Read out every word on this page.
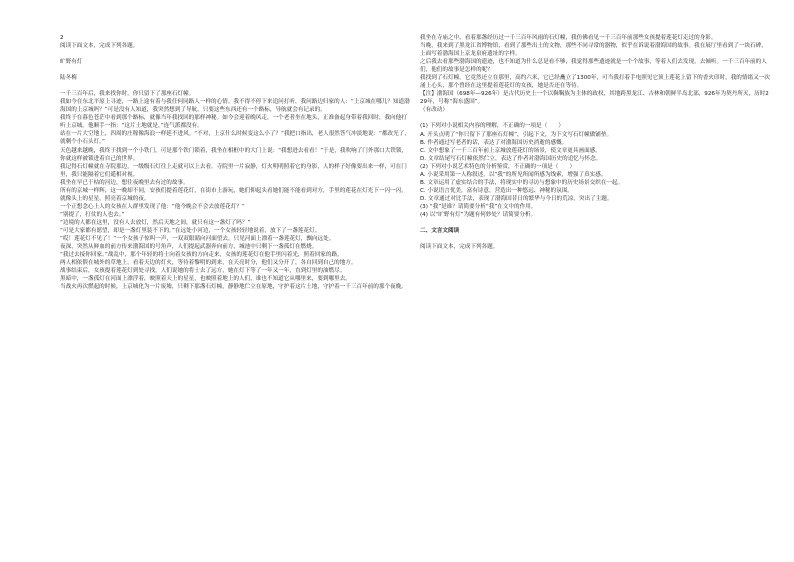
2

阅读下面文本，完成下列各题。

旷野有灯

陆冬梅

一千三百年后，我来找你时，你只留下了那座石灯幢。

我如今在东北平原上寻迹，一路上途有着与我任何同路人一样的心情。我不得不停下来追问打听，我问路边归家的人：“上京城在哪儿？知道渤海国的上京城吗？”可是没有人知道，我突然想到了导航，只要这些东西还有一个路标，导航就会有记录的。

我终于在暮色苍茫中看到那个路标，就像当年我找回的那样神秘。如今会迎着晚风走，一个老者坐在地头，正准备起身带着我回时，我向他打听上京城。他顺手一指：“这片土地就是。”连气派都没有。

站在一片大空地上，四周的庄稼像海浪一样延不进风。“不对，上京什么时候变这么小了？”我把口指出，老人很然答气冲淡地说：“都改光了，就剩个小石头灯。”

天色越来越晚，我终于找到一个小铁门，可是那个铁门锁着，我坐在相框中的大门上说：“我想进去看看！”于是，我吹响了门外那口大铁锁，你就这样被锁进着自己的世界。

我记得石灯幢就在寺院那边，一级级石灯往上走就可以上去看。寺院里一片寂静，灯火明明照着它的身影，人的样子好像要出来一样，可在门里，我只能隔着它们遥相对视。

我坐在早已干枯的河边，想往夜晚里去有过的故事。

所有的京城一样辉，这一晚却不同，安孩们提着莲花灯，在街市上游玩，她们仰起头看她们能不能看到对方，手里的莲花在灯光下一闪一闪，就像头上的星星，照亮着京城的夜。

一个正想念心上人的女孩在人群里发现了他：“他今晚会不会去放莲花灯？”

“别提了，打仗的人也去。”

“边境的人都在这里，没有人去放灯，然后天地之间，就只有这一盏灯了吗？”

“可是大家都有愿望，却是一盏灯里装不下的。”在远处小河边，一个女孩轻轻地说着，放下了一盏莲花灯。

“哎！莲花灯不见了！”一个女孩子惊叫一声，一双双眼睛向河面望去，只见河面上漂着一盏莲花灯，飘向远处。

夜深，突然从鲜血的前方传来渤海国的号角声，人们提起武器奔向前方，城池中只剩下一盏孤灯在燃烧。

“我过去接你回家。”战乱中，那个年轻的将士向着女孩的方向走来，女孩的莲花灯在他手里闪着光，照着回家的路。

两人相依偎在城外的草地上，看着天边的灯火，等待着黎明的到来，在天亮时分，他们又分开了，各自回到自己的地方。

战事结束后，女孩提着莲花灯到处寻找，人们说她的将士去了远方，她在灯下等了一年又一年，直到灯里的油燃尽。

黑暗中，一盏孤灯在河面上漂浮着，映照着天上的星星，也映照着地上的人们，谁也不知道它从哪里来，要到哪里去。

当战火再次燃起的时候，上京城化为一片废墟，只剩下那盏石灯幢，静静地伫立在原地，守护着这片土地，守护着一千三百年前的那个夜晚。

我坐在寺庙之中，看着那盏经历过一千三百年风雨的石灯幢，我仿佛看见一千三百年前那些女孩提着莲花灯走过的身影。

当晚，我来到了黑龙江省博物馆，看到了那些出土的文物，那些不同寻常的器物，似乎在诉说着渤海国的故事。我在展厅里看到了一块石碑，上面写着渤海国上京龙泉府遗址的字样。

之后我去看那些渤海国的遗迹，也不知道为什么总是看不够，我觉得那些遗迹就是一个个故事，等着人们去发现，去倾听。一千三百年前的人们，他们的故事是怎样的呢？

我找到了石灯幢，它竟然还立在那里，高约六米，它已经矗立了1300年，可当我打着手电照见它顶上莲花上留下的香火印时，我的情绪又一次涌上心头，那个曾经在这里提着莲花灯的女孩，她是否还在等待。

【注】渤海国（698年—926年）是古代历史上一个以靺鞨族为主体的政权，其地跨黑龙江、吉林和朝鲜半岛北部，926年为契丹所灭，历时229年，号称“海东盛国”。

（有改动）

(1) 下列对小说相关内容的理解，不正确的一项是（　　）

A. 开头点明了“你只留下了那座石灯幢”，引起下文，为下文写石灯幢做铺垫。

B. 作者通过写老者的话，表达了对渤海国历史消逝的感慨。

C. 文中想象了一千三百年前上京城放莲花灯的场景，使文章更具画面感。

D. 文章结尾写石灯幢依然伫立，表达了作者对渤海国历史的追忆与怀念。

(2) 下列对小说艺术特色的分析鉴赏，不正确的一项是（　　）

A. 小说采用第一人称叙述，以“我”的所见所闻所感为线索，增强了真实感。

B. 文章运用了虚实结合的手法，将现实中的寻访与想象中的历史场景交织在一起。

C. 小说语言优美，富有诗意，营造出一种悠远、神秘的氛围。

D. 文章通过对比手法，表现了渤海国昔日的繁华与今日的荒凉，突出了主题。

(3) “我”是谁？请简要分析“我”在文中的作用。

(4) 以“旷野有灯”为题有何妙处？请简要分析。

二、文言文阅读

阅读下面文本，完成下列各题。
